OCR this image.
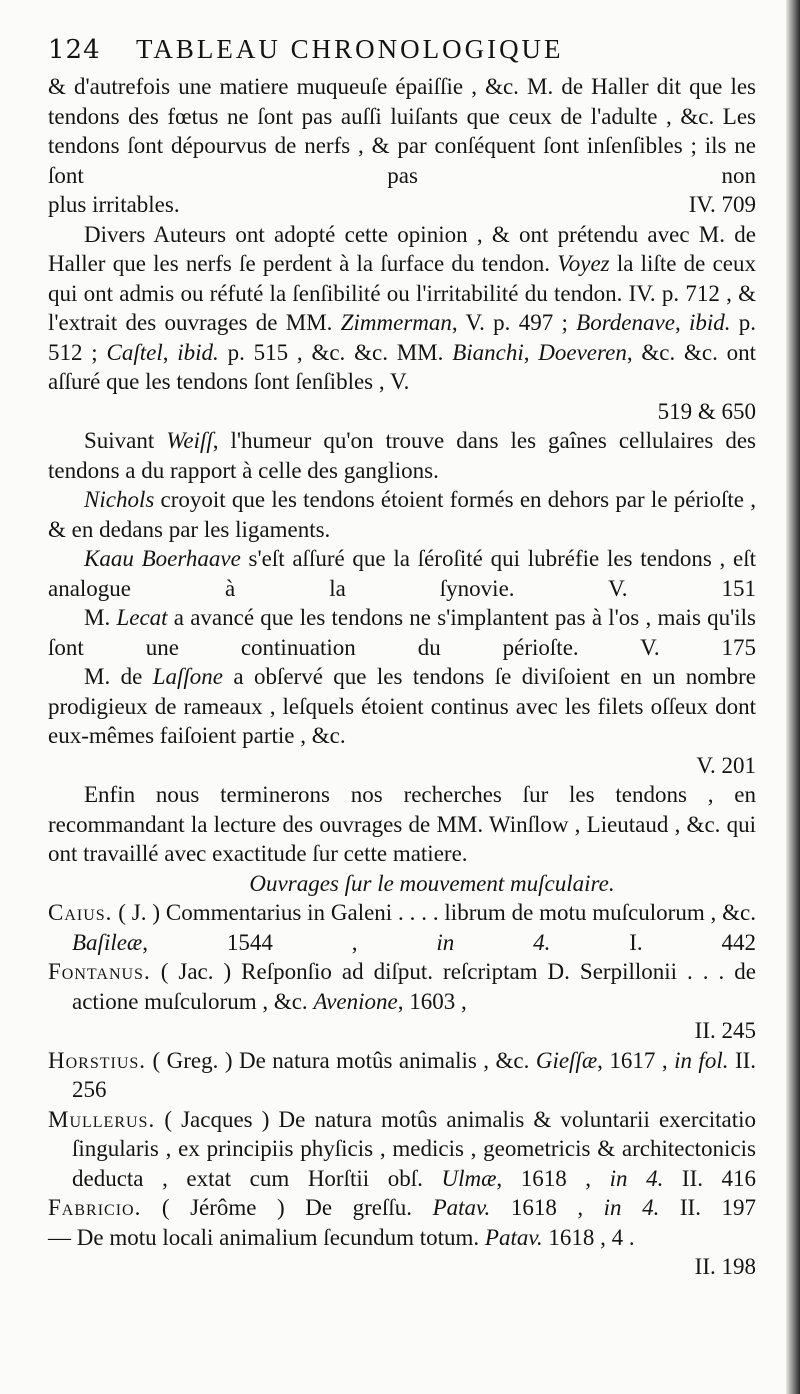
124	TABLEAU CHRONOLOGIQUE
& d'autrefois une matiere muqueuſe épaiſſie , &c. M. de Haller dit que les tendons des fœtus ne ſont pas auſſi luiſants que ceux de l'adulte , &c. Les tendons ſont dépourvus de nerfs , & par conſéquent ſont inſenſibles ; ils ne ſont pas non
plus irritables.	IV. 709
Divers Auteurs ont adopté cette opinion , & ont prétendu avec M. de Haller que les nerfs ſe perdent à la ſurface du tendon. Voyez la liſte de ceux qui ont admis ou réfuté la ſenſibilité ou l'irritabilité du tendon. IV. p. 712 , & l'extrait des ouvrages de MM. Zimmerman, V. p. 497 ; Bordenave, ibid. p. 512 ; Caſtel, ibid. p. 515 , &c. &c. MM. Bianchi, Doeveren, &c. &c. ont aſſuré que les tendons ſont ſenſibles , V.
519 & 650
Suivant Weiſſ, l'humeur qu'on trouve dans les gaînes cellulaires des tendons a du rapport à celle des ganglions.
Nichols croyoit que les tendons étoient formés en dehors par le périoſte , & en dedans par les ligaments.
Kaau Boerhaave s'eſt aſſuré que la ſéroſité qui lubréfie les tendons , eſt analogue à la ſynovie.	V. 151
M. Lecat a avancé que les tendons ne s'implantent pas à l'os , mais qu'ils ſont une continuation du périoſte.	V. 175
M. de Laſſone a obſervé que les tendons ſe diviſoient en un nombre prodigieux de rameaux , leſquels étoient continus avec les filets oſſeux dont eux-mêmes faiſoient partie , &c.
V. 201
Enfin nous terminerons nos recherches ſur les tendons , en recommandant la lecture des ouvrages de MM. Winſlow , Lieutaud , &c. qui ont travaillé avec exactitude ſur cette matiere.
Ouvrages ſur le mouvement muſculaire.
Caius. ( J. ) Commentarius in Galeni . . . . librum de motu muſculorum , &c. Baſileæ, 1544 ,	in 4.	I. 442
Fontanus. ( Jac. ) Reſponſio ad diſput. reſcriptam D. Serpillonii . . . de actione muſculorum , &c. Avenione, 1603 ,
II. 245
Horstius. ( Greg. ) De natura motûs animalis , &c. Gieſſæ, 1617 , in fol. II. 256
Mullerus. ( Jacques ) De natura motûs animalis & voluntarii exercitatio ſingularis , ex principiis phyſicis , medicis , geometricis & architectonicis deducta , extat cum Horſtii obſ. Ulmæ, 1618 , in 4. II. 416
Fabricio. ( Jérôme ) De greſſu. Patav. 1618 , in 4. II. 197
— De motu locali animalium ſecundum totum. Patav. 1618 , 4 .
II. 198
